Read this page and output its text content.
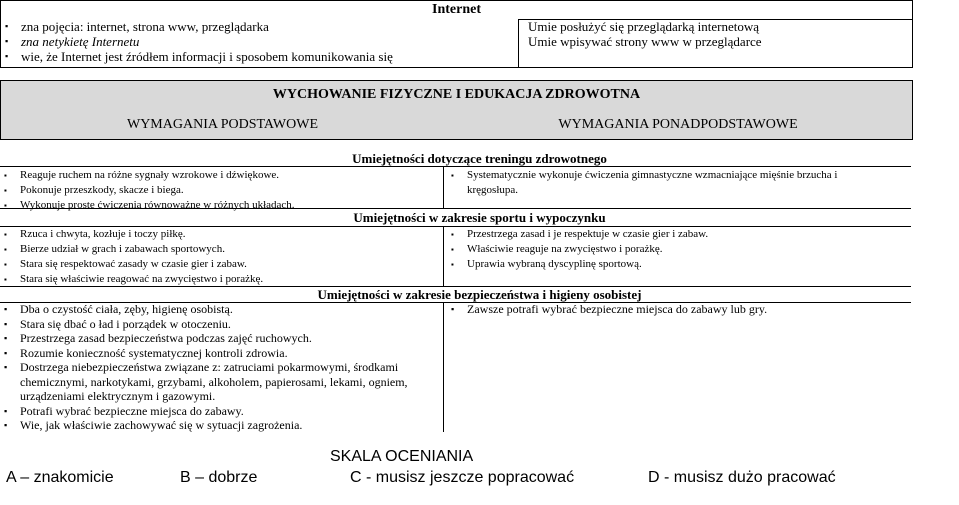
Internet
▪ zna pojęcia: internet, strona www, przeglądarka
▪ zna netykietę Internetu
▪ wie, że Internet jest źródłem informacji i sposobem komunikowania się
Umie posłużyć się przeglądarką internetową
Umie wpisywać strony www w przeglądarce
WYCHOWANIE FIZYCZNE I EDUKACJA ZDROWOTNA
WYMAGANIA PODSTAWOWE	WYMAGANIA PONADPODSTAWOWE
Umiejętności dotyczące treningu zdrowotnego
▪ Reaguje ruchem na różne sygnały wzrokowe i dźwiękowe.
▪ Pokonuje przeszkody, skacze i biega.
▪ Wykonuje proste ćwiczenia równoważne w różnych układach.
▪ Systematycznie wykonuje ćwiczenia gimnastyczne wzmacniające mięśnie brzucha i kręgosłupa.
Umiejętności w zakresie sportu i wypoczynku
▪ Rzuca i chwyta, kozłuje i toczy piłkę.
▪ Bierze udział w grach i zabawach sportowych.
▪ Stara się respektować zasady w czasie gier i zabaw.
▪ Stara się właściwie reagować na zwycięstwo i porażkę.
▪ Przestrzega zasad i je respektuje w czasie gier i zabaw.
▪ Właściwie reaguje na zwycięstwo i porażkę.
▪ Uprawia wybraną dyscyplinę sportową.
Umiejętności w zakresie bezpieczeństwa i higieny osobistej
▪ Dba o czystość ciała, zęby, higienę osobistą.
▪ Stara się dbać o ład i porządek w otoczeniu.
▪ Przestrzega zasad bezpieczeństwa podczas zajęć ruchowych.
▪ Rozumie konieczność systematycznej kontroli zdrowia.
▪ Dostrzega niebezpieczeństwa związane z: zatruciami pokarmowymi, środkami chemicznymi, narkotykami, grzybami, alkoholem, papierosami, lekami, ogniem, urządzeniami elektrycznym i gazowymi.
▪ Potrafi wybrać bezpieczne miejsca do zabawy.
▪ Wie, jak właściwie zachowywać się w sytuacji zagrożenia.
▪ Zawsze potrafi wybrać bezpieczne miejsca do zabawy lub gry.
SKALA OCENIANIA
A – znakomicie	B – dobrze	C - musisz jeszcze popracować	D - musisz dużo pracować
